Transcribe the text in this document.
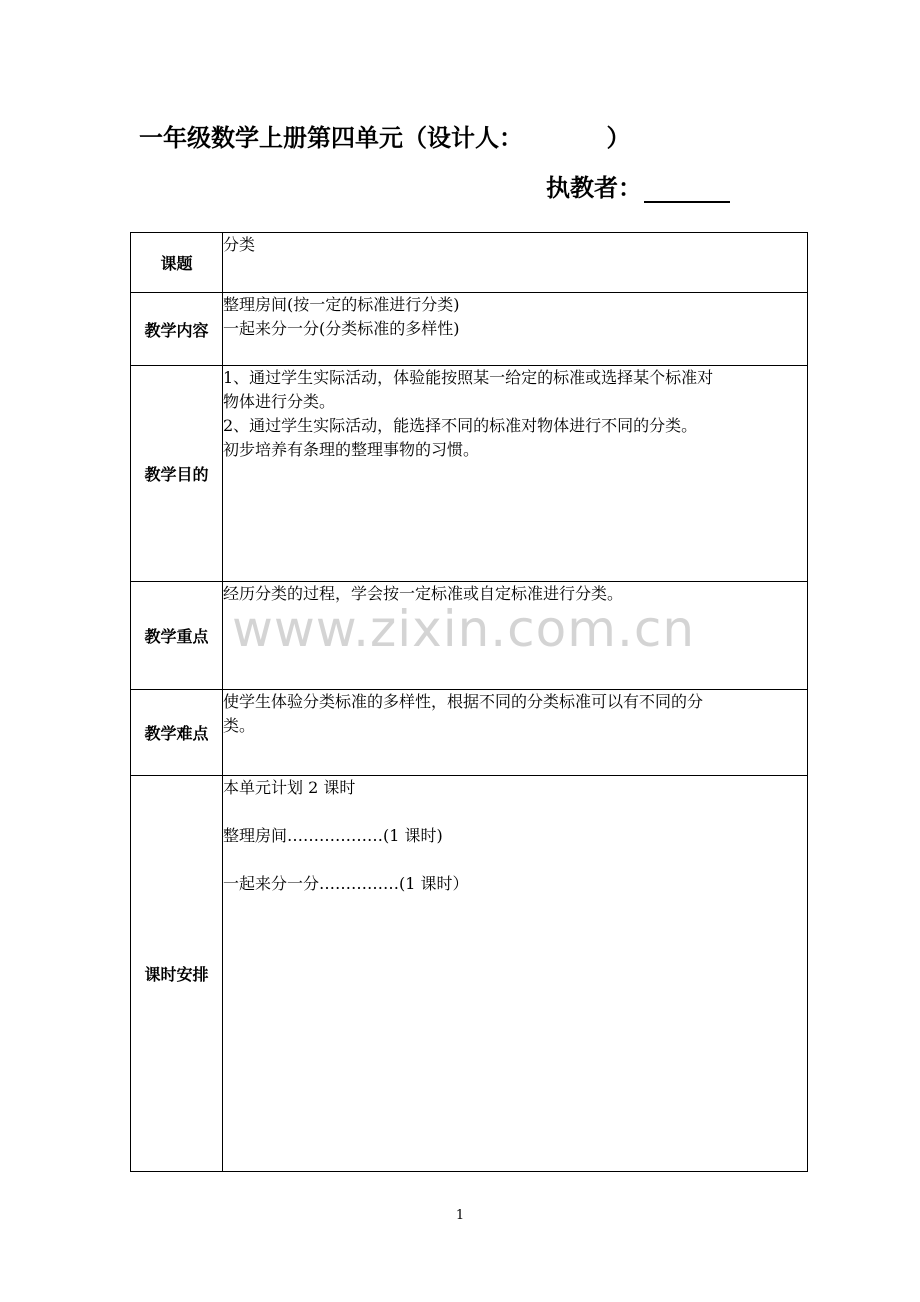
一年级数学上册第四单元（设计人：          ）
执教者：
课题	分类

教学内容	整理房间(按一定的标准进行分类)
一起来分一分(分类标准的多样性)

教学目的	1、通过学生实际活动，体验能按照某一给定的标准或选择某个标准对
物体进行分类。
2、通过学生实际活动，能选择不同的标准对物体进行不同的分类。
初步培养有条理的整理事物的习惯。

教学重点	经历分类的过程，学会按一定标准或自定标准进行分类。

教学难点	使学生体验分类标准的多样性，根据不同的分类标准可以有不同的分
类。

课时安排	本单元计划 2 课时
整理房间………………(1 课时)
一起来分一分……………(1 课时）
www.zixin.com.cn
1
